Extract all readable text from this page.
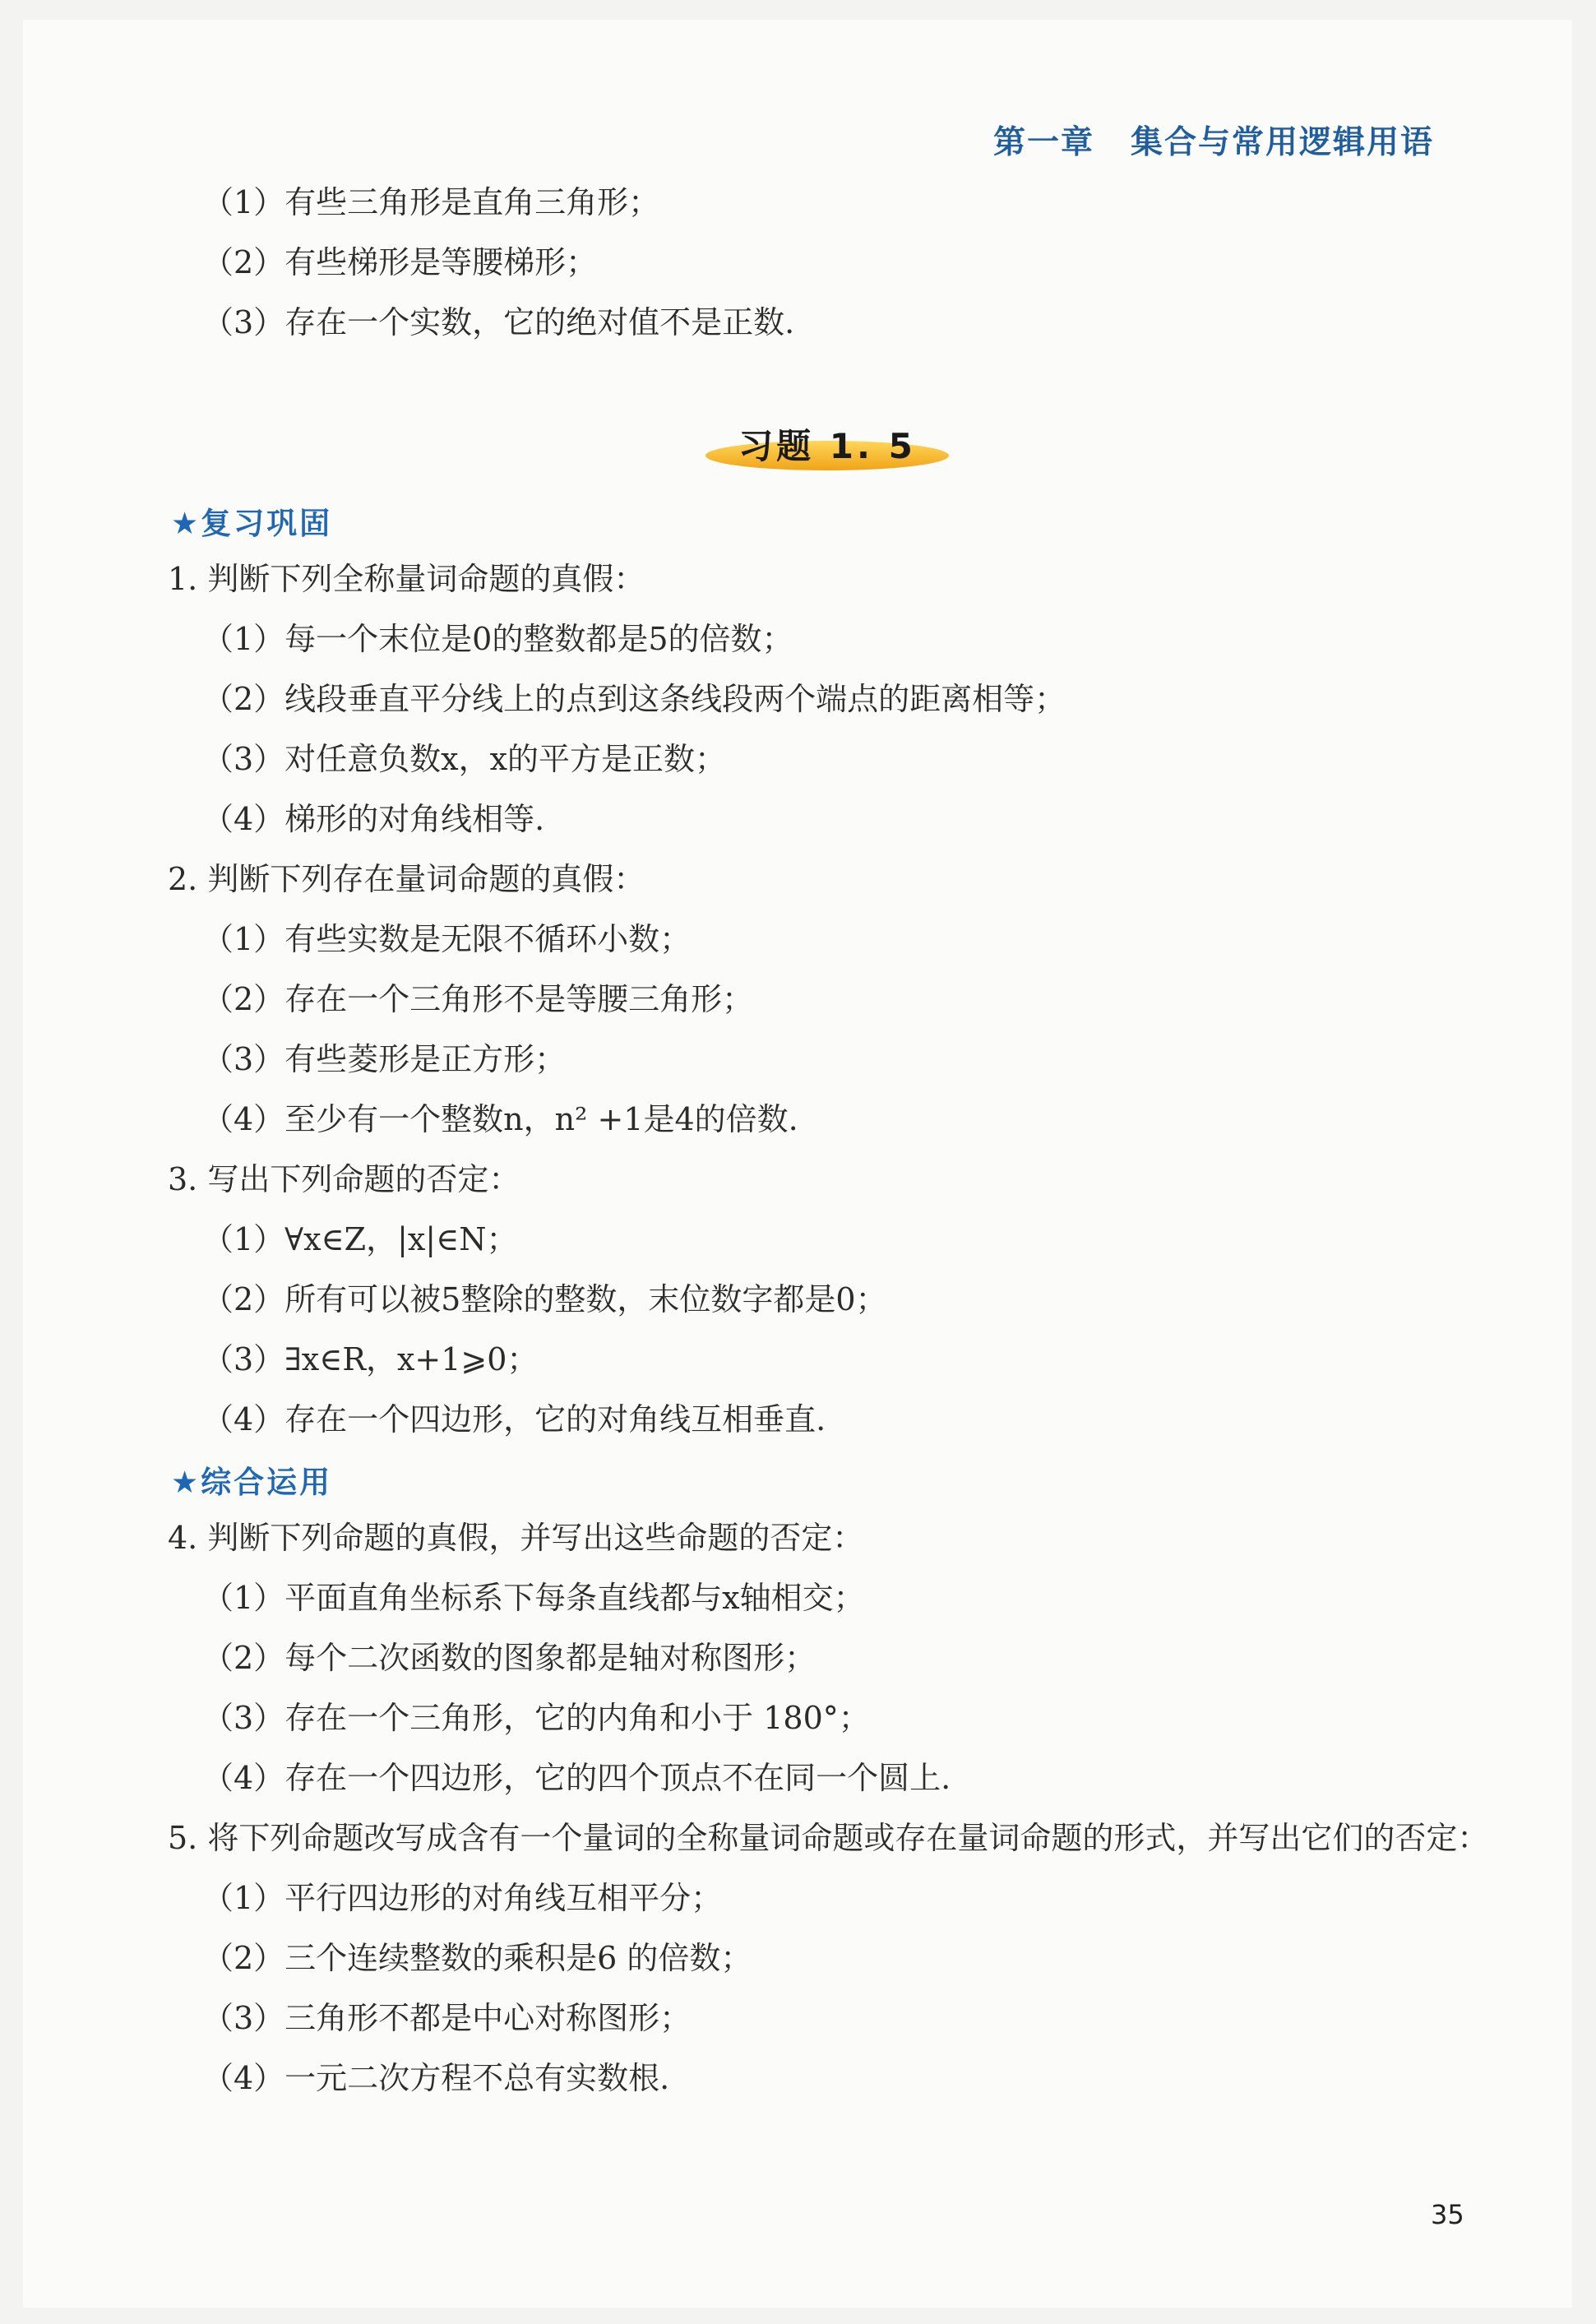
第一章 集合与常用逻辑用语
（1）有些三角形是直角三角形；
（2）有些梯形是等腰梯形；
（3）存在一个实数，它的绝对值不是正数.
习题 1. 5
★复习巩固
1. 判断下列全称量词命题的真假：
（1）每一个末位是0的整数都是5的倍数；
（2）线段垂直平分线上的点到这条线段两个端点的距离相等；
（3）对任意负数x，x的平方是正数；
（4）梯形的对角线相等.
2. 判断下列存在量词命题的真假：
（1）有些实数是无限不循环小数；
（2）存在一个三角形不是等腰三角形；
（3）有些菱形是正方形；
（4）至少有一个整数n，n² +1是4的倍数.
3. 写出下列命题的否定：
（1）∀x∈Z，|x|∈N；
（2）所有可以被5整除的整数，末位数字都是0；
（3）∃x∈R，x+1⩾0；
（4）存在一个四边形，它的对角线互相垂直.
★综合运用
4. 判断下列命题的真假，并写出这些命题的否定：
（1）平面直角坐标系下每条直线都与x轴相交；
（2）每个二次函数的图象都是轴对称图形；
（3）存在一个三角形，它的内角和小于 180°；
（4）存在一个四边形，它的四个顶点不在同一个圆上.
5. 将下列命题改写成含有一个量词的全称量词命题或存在量词命题的形式，并写出它们的否定：
（1）平行四边形的对角线互相平分；
（2）三个连续整数的乘积是6 的倍数；
（3）三角形不都是中心对称图形；
（4）一元二次方程不总有实数根.
35
